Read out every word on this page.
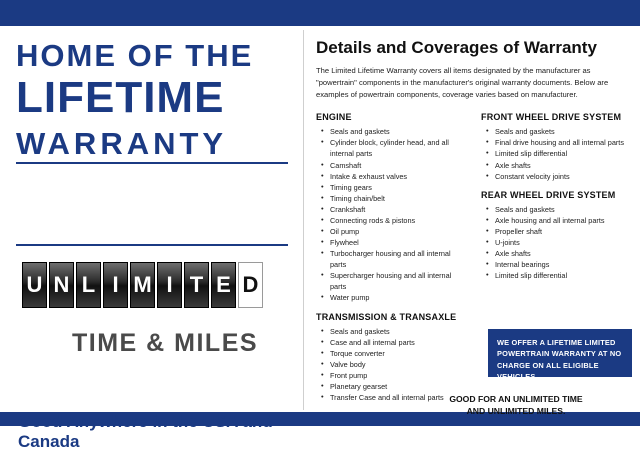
HOME OF THE
LIFETIME
WARRANTY
U N L I M I T E D
TIME & MILES
Good Anywhere in the USA and Canada
Details and Coverages of Warranty

The Limited Lifetime Warranty covers all items designated by the manufacturer as "powertrain" components in the manufacturer's original warranty documents. Below are examples of powertrain components, coverage varies based on manufacturer.

ENGINE
• Seals and gaskets
• Cylinder block, cylinder head, and all internal parts
• Camshaft
• Intake & exhaust valves
• Timing gears
• Timing chain/belt
• Crankshaft
• Connecting rods & pistons
• Oil pump
• Flywheel
• Turbocharger housing and all internal parts
• Supercharger housing and all internal parts
• Water pump
TRANSMISSION & TRANSAXLE
• Seals and gaskets
• Case and all internal parts
• Torque converter
• Valve body
• Front pump
• Planetary gearset
• Transfer Case and all internal parts
FRONT WHEEL DRIVE SYSTEM
• Seals and gaskets
• Final drive housing and all internal parts
• Limited slip differential
• Axle shafts
• Constant velocity joints
REAR WHEEL DRIVE SYSTEM
• Seals and gaskets
• Axle housing and all internal parts
• Propeller shaft
• U-joints
• Axle shafts
• Internal bearings
• Limited slip differential
WE OFFER A LIFETIME LIMITED POWERTRAIN WARRANTY AT NO CHARGE ON ALL ELIGIBLE VEHICLES.
GOOD FOR AN UNLIMITED TIME
AND UNLIMITED MILES.
